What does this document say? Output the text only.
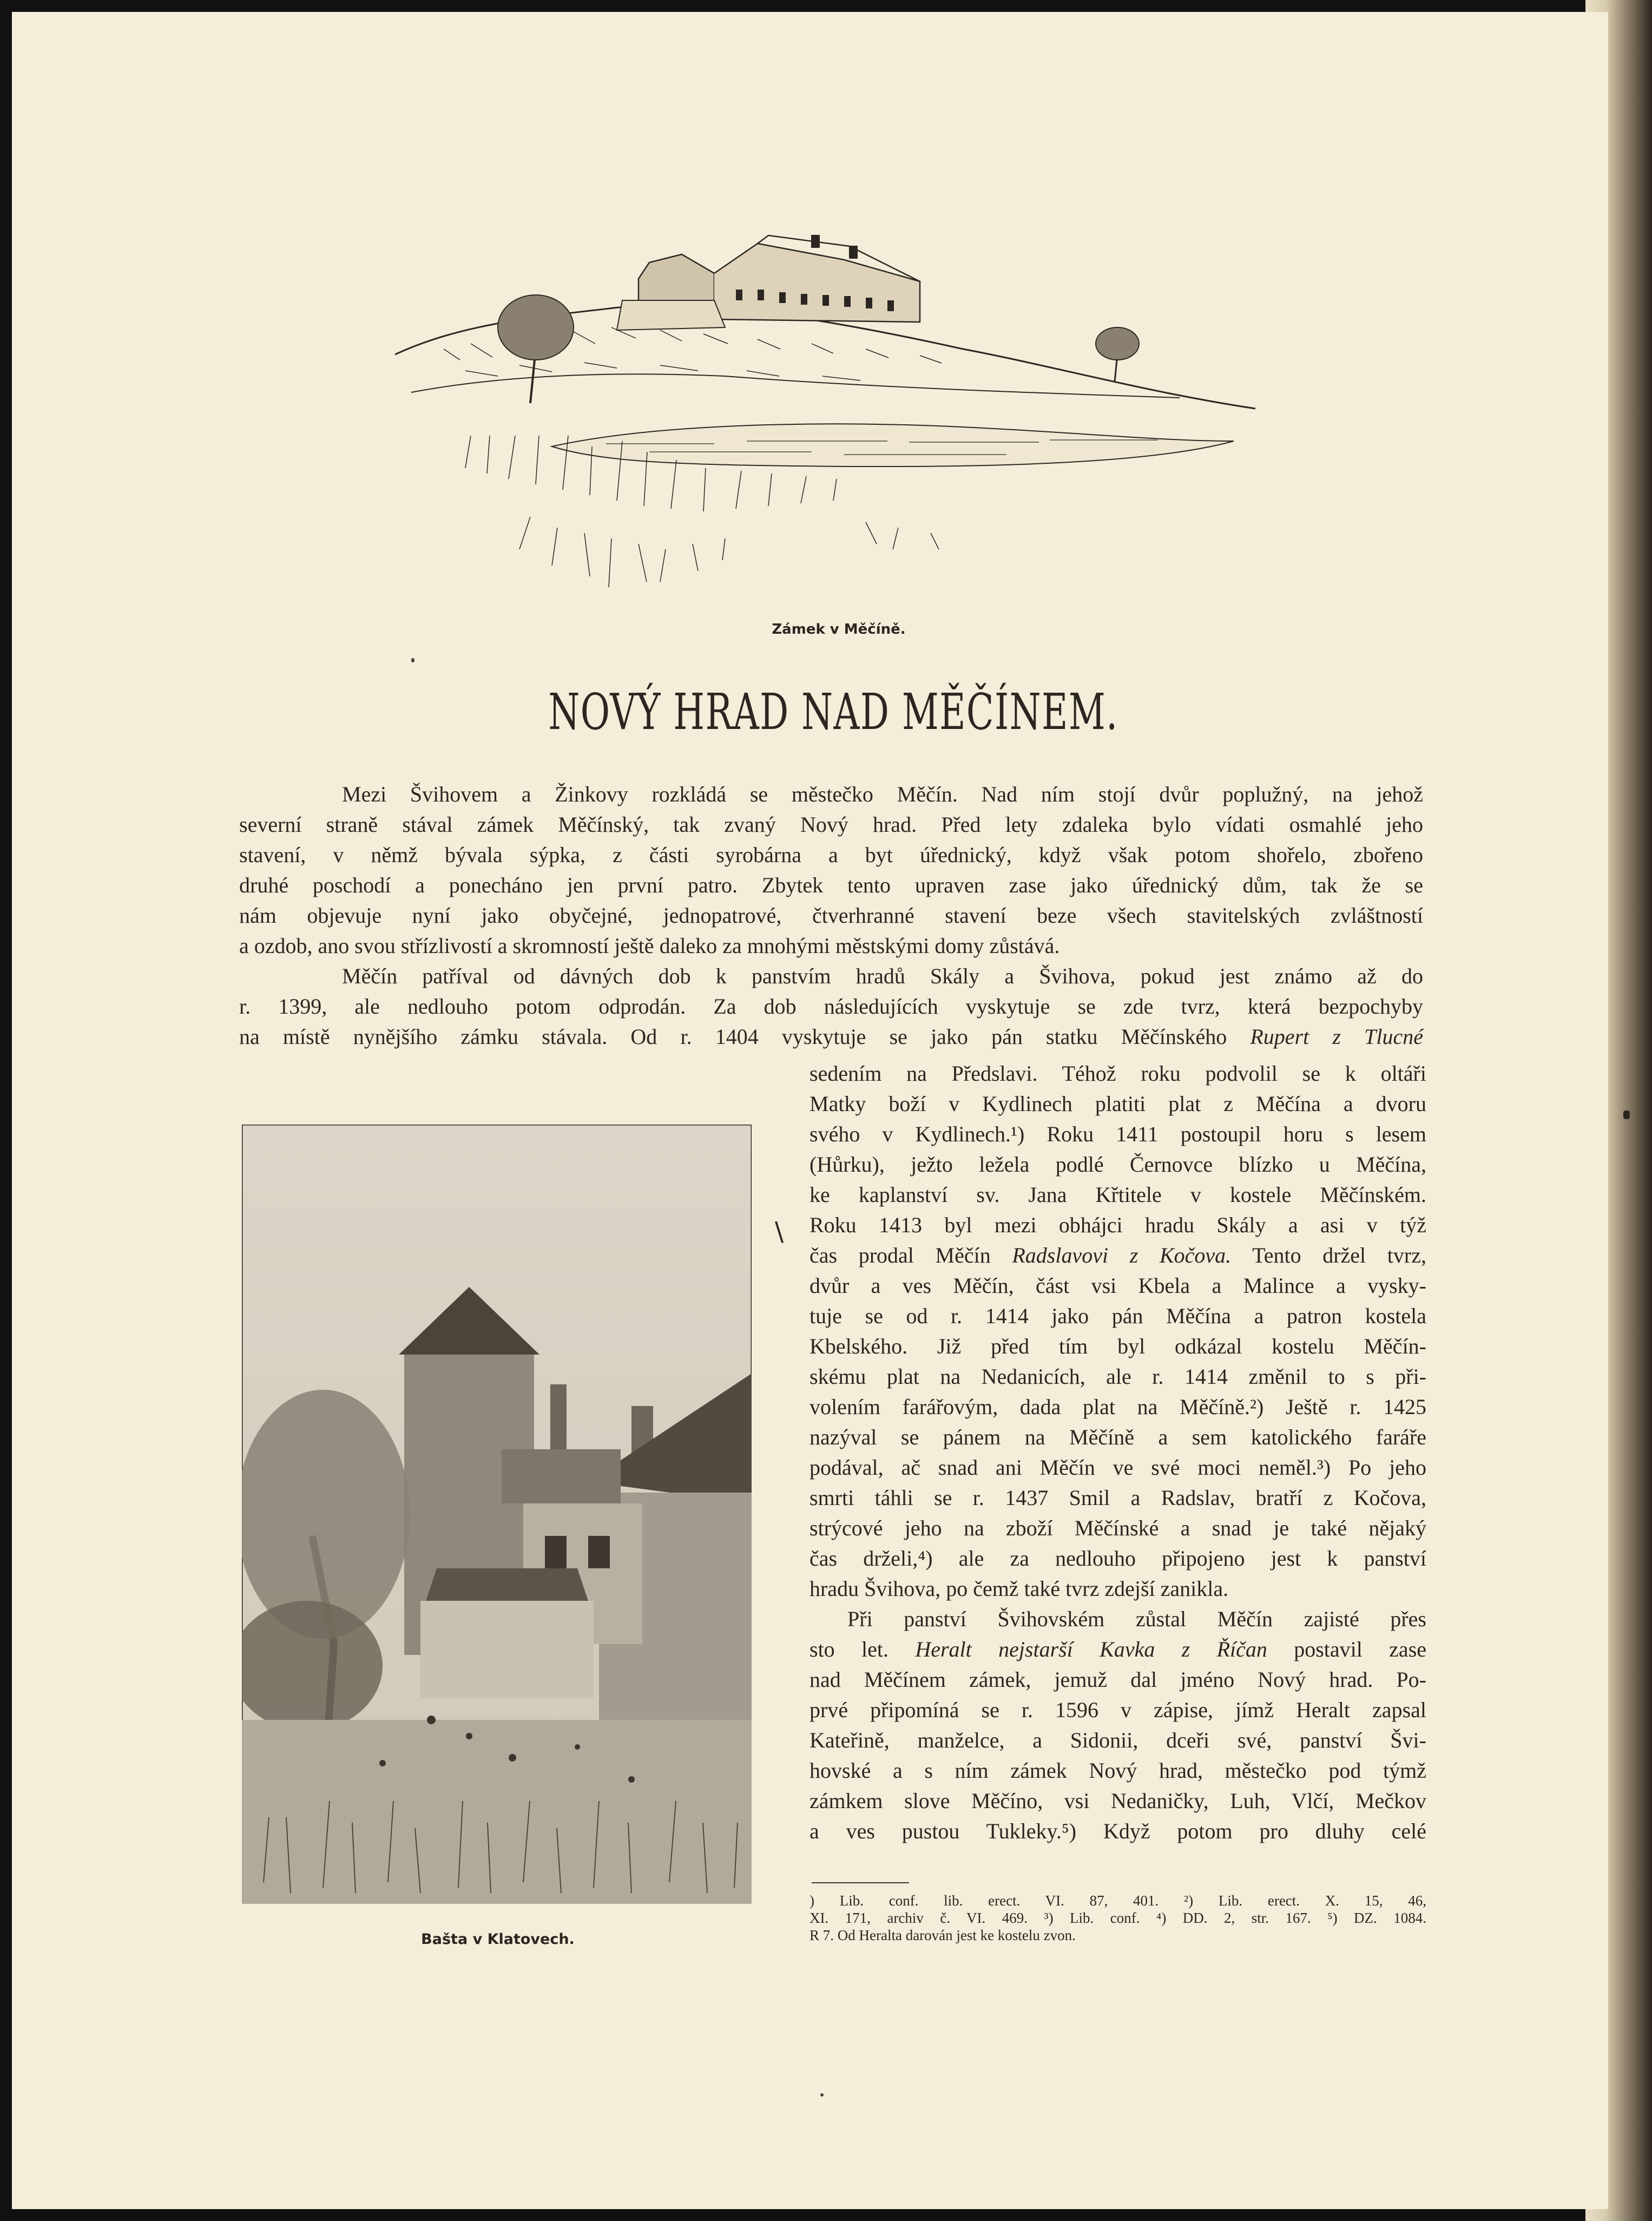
Zámek v Měčíně.
NOVÝ HRAD NAD MĚČÍNEM.
Mezi Švihovem a Žinkovy rozkládá se městečko Měčín. Nad ním stojí dvůr poplužný, na jehož
severní straně stával zámek Měčínský, tak zvaný Nový hrad. Před lety zdaleka bylo vídati osmahlé jeho
stavení, v němž bývala sýpka, z části syrobárna a byt úřednický, když však potom shořelo, zbořeno
druhé poschodí a ponecháno jen první patro. Zbytek tento upraven zase jako úřednický dům, tak že se
nám objevuje nyní jako obyčejné, jednopatrové, čtverhranné stavení beze všech stavitelských zvláštností
a ozdob, ano svou střízlivostí a skromností ještě daleko za mnohými městskými domy zůstává.
Měčín patříval od dávných dob k panstvím hradů Skály a Švihova, pokud jest známo až do
r. 1399, ale nedlouho potom odprodán. Za dob následujících vyskytuje se zde tvrz, která bezpochyby
na místě nynějšího zámku stávala. Od r. 1404 vyskytuje se jako pán statku Měčínského Rupert z Tlucné
sedením na Předslavi. Téhož roku podvolil se k oltáři
Matky boží v Kydlinech platiti plat z Měčína a dvoru
svého v Kydlinech.¹) Roku 1411 postoupil horu s lesem
(Hůrku), ježto ležela podlé Černovce blízko u Měčína,
ke kaplanství sv. Jana Křtitele v kostele Měčínském.
Roku 1413 byl mezi obhájci hradu Skály a asi v týž
čas prodal Měčín Radslavovi z Kočova. Tento držel tvrz,
dvůr a ves Měčín, část vsi Kbela a Malince a vysky-
tuje se od r. 1414 jako pán Měčína a patron kostela
Kbelského. Již před tím byl odkázal kostelu Měčín-
skému plat na Nedanicích, ale r. 1414 změnil to s při-
volením farářovým, dada plat na Měčíně.²) Ještě r. 1425
nazýval se pánem na Měčíně a sem katolického faráře
podával, ač snad ani Měčín ve své moci neměl.³) Po jeho
smrti táhli se r. 1437 Smil a Radslav, bratří z Kočova,
strýcové jeho na zboží Měčínské a snad je také nějaký
čas drželi,⁴) ale za nedlouho připojeno jest k panství
hradu Švihova, po čemž také tvrz zdejší zanikla.
Při panství Švihovském zůstal Měčín zajisté přes
sto let. Heralt nejstarší Kavka z Říčan postavil zase
nad Měčínem zámek, jemuž dal jméno Nový hrad. Po-
prvé připomíná se r. 1596 v zápise, jímž Heralt zapsal
Kateřině, manželce, a Sidonii, dceři své, panství Švi-
hovské a s ním zámek Nový hrad, městečko pod týmž
zámkem slove Měčíno, vsi Nedaničky, Luh, Vlčí, Mečkov
a ves pustou Tukleky.⁵) Když potom pro dluhy celé
\
Bašta v Klatovech.
) Lib. conf. lib. erect. VI. 87, 401. ²) Lib. erect. X. 15, 46,
XI. 171, archiv č. VI. 469. ³) Lib. conf. ⁴) DD. 2, str. 167. ⁵) DZ. 1084.
R 7. Od Heralta darován jest ke kostelu zvon.
